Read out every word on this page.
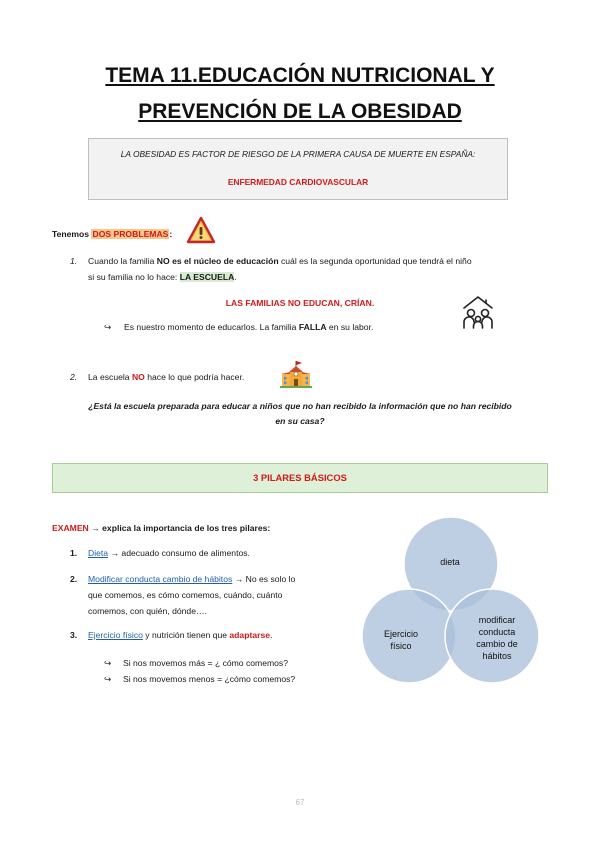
TEMA 11.EDUCACIÓN NUTRICIONAL Y
PREVENCIÓN DE LA OBESIDAD
LA OBESIDAD ES FACTOR DE RIESGO DE LA PRIMERA CAUSA DE MUERTE EN ESPAÑA:
ENFERMEDAD CARDIOVASCULAR
Tenemos DOS PROBLEMAS:
1. Cuando la familia NO es el núcleo de educación cuál es la segunda oportunidad que tendrá el niño
si su familia no lo hace: LA ESCUELA.
LAS FAMILIAS NO EDUCAN, CRÍAN.
↪ Es nuestro momento de educarlos. La familia FALLA en su labor.
2. La escuela NO hace lo que podría hacer.
¿Está la escuela preparada para educar a niños que no han recibido la información que no han recibido
en su casa?
3 PILARES BÁSICOS
EXAMEN → explica la importancia de los tres pilares:
1. Dieta → adecuado consumo de alimentos.
2. Modificar conducta cambio de hábitos → No es solo lo
que comemos, es cómo comemos, cuándo, cuánto
comemos, con quién, dónde….
3. Ejercicio físico y nutrición tienen que adaptarse.
↪ Si nos movemos más = ¿ cómo comemos?
↪ Si nos movemos menos = ¿cómo comemos?
dieta
Ejercicio
físico
modificar
conducta
cambio de
hábitos
67
